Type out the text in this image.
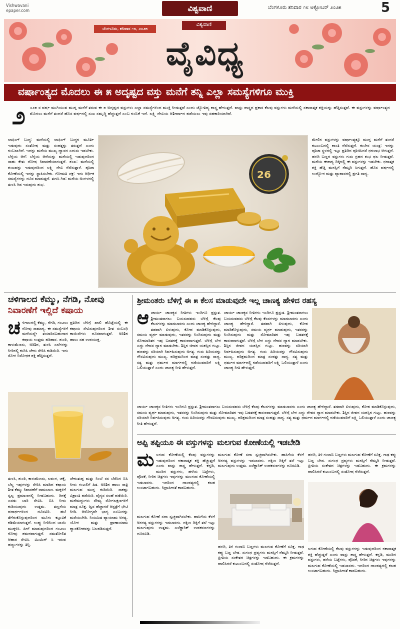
Vishwavani
epaper.com	ವಿಶ್ವವಾಣಿ	ಬೆಂಗಳೂರು ಶನಿವಾರ ೧೮ ಅಕ್ಟೋಬರ್ ೨೦೨೫	5
ವಿಶ್ವವಾಣಿ
ಬೆಂಗಳೂರು, ಶನಿವಾರ ೧೮, ೨೦೨೫
ವೈವಿಧ್ಯ
ವರ್ಷಾಂತ್ಯದ ಮೊದಲು ಈ ೫ ಅದೃಷ್ಟದ ವಸ್ತು ಮನೆಗೆ ತನ್ನಿ ಎಲ್ಲಾ ಸಮಸ್ಯೆಗಳಿಗೂ ಮುಕ್ತಿ
೨ ೦೨೫ ರ ವರ್ಷ ಮುಗಿಯುವ ಮುನ್ನ ಮನೆಗೆ ತರುವ ಈ ೫ ಅದೃಷ್ಟದ ವಸ್ತುಗಳು ಎಲ್ಲಾ ಸಮಸ್ಯೆಗಳಿಂದ ಮುಕ್ತಿ ನೀಡುತ್ತವೆ ಎಂದು ಜ್ಯೋತಿಷ್ಯ ಶಾಸ್ತ್ರ ಹೇಳುತ್ತದೆ. ವಾಸ್ತು ಶಾಸ್ತ್ರದ ಪ್ರಕಾರ ಕೆಲವು ವಸ್ತುಗಳು ಮನೆಯಲ್ಲಿ ಸಕಾರಾತ್ಮಕ ಶಕ್ತಿಯನ್ನು ಹೆಚ್ಚಿಸುತ್ತವೆ. ಈ ವಸ್ತುಗಳನ್ನು ವರ್ಷಾಂತ್ಯದ ಮೊದಲು ಮನೆಗೆ ತಂದರೆ ಹೊಸ ವರ್ಷದಲ್ಲಿ ಸುಖ ಸಮೃದ್ಧಿ ಹೆಚ್ಚುತ್ತದೆ ಎಂಬ ನಂಬಿಕೆ ಇದೆ. ಲಕ್ಷ್ಮಿ ದೇವಿಯ ಆಶೀರ್ವಾದ ಪಡೆಯಲು ಇವು ಸಹಕಾರಿಯಾಗಿವೆ.
ಲಾಫಿಂಗ್ ಬುದ್ಧ: ಮನೆಯಲ್ಲಿ ಲಾಫಿಂಗ್ ಬುದ್ಧನ ಮೂರ್ತಿ ಇಡುವುದು ಸಂತೋಷ ಮತ್ತು ಸಂಪತ್ತನ್ನು ತರುತ್ತದೆ ಎಂದು ನಂಬಲಾಗಿದೆ. ಇದನ್ನು ಮನೆಯ ಮುಖ್ಯ ದ್ವಾರದ ಎದುರು ಇಡಬೇಕು. ಬೆಳ್ಳಿಯ ಆನೆ: ಬೆಳ್ಳಿಯ ಆನೆಯನ್ನು ಮನೆಯಲ್ಲಿ ಇಡುವುದರಿಂದ ರಾಹು ಕೇತು ದೋಷ ನಿವಾರಣೆಯಾಗುತ್ತದೆ. ಶಂಖ: ಮನೆಯಲ್ಲಿ ಶಂಖವನ್ನು ಇಡುವುದರಿಂದ ಲಕ್ಷ್ಮಿ ದೇವಿ ನೆಲೆಸುತ್ತಾಳೆ. ಪೂಜಾ ಕೋಣೆಯಲ್ಲಿ ಇದನ್ನು ಸ್ಥಾಪಿಸಬೇಕು. ಗೋಮತಿ ಚಕ್ರ: ಇದು ಆರ್ಥಿಕ ಸಮಸ್ಯೆಗಳನ್ನು ದೂರ ಮಾಡುತ್ತದೆ. ತುಳಸಿ ಗಿಡ: ಮನೆಯ ಅಂಗಳದಲ್ಲಿ ತುಳಸಿ ಗಿಡ ಇರುವುದು ಶುಭ.
26
ಮೇಲಿನ ವಸ್ತುಗಳನ್ನು ವರ್ಷಾಂತ್ಯಕ್ಕೂ ಮುನ್ನ ಮನೆಗೆ ತಂದರೆ ಕುಟುಂಬದಲ್ಲಿ ಶಾಂತಿ ನೆಲೆಸುತ್ತದೆ. ಕುಬೇರ ಯಂತ್ರ: ಇದನ್ನು ಪೂಜಾ ಸ್ಥಳದಲ್ಲಿ ಇಟ್ಟು ಪ್ರತಿದಿನ ಪೂಜಿಸಿದರೆ ಧನಲಾಭ ಆಗುತ್ತದೆ. ಹಳದಿ ಬಣ್ಣದ ವಸ್ತುಗಳು ಗುರು ಗ್ರಹದ ಶುಭ ಫಲ ನೀಡುತ್ತವೆ. ಮನೆಯ ಈಶಾನ್ಯ ದಿಕ್ಕಿನಲ್ಲಿ ಈ ವಸ್ತುಗಳನ್ನು ಇಡಬೇಕು. ಧನಾತ್ಮಕ ಶಕ್ತಿ ಹೆಚ್ಚಿ ಮನಸ್ಸಿಗೆ ನೆಮ್ಮದಿ ಸಿಗುತ್ತದೆ. ಹೊಸ ವರ್ಷದಲ್ಲಿ ಉದ್ಯೋಗ ಮತ್ತು ವ್ಯಾಪಾರದಲ್ಲಿ ಪ್ರಗತಿ ಸಾಧ್ಯ.
ಚಳಿಗಾಲದ ಕೆಮ್ಮು, ನೆಗಡಿ, ನೋವು
ನಿವಾರಣೆಗೆ ಇಲ್ಲಿದೆ ಕಷಾಯ
ಚ ಳಿಗಾಲದಲ್ಲಿ ಕೆಮ್ಮು, ನೆಗಡಿ, ಗಂಟಲು ನೋವು ಸಾಮಾನ್ಯ. ಈ ಸಮಸ್ಯೆಗಳಿಗೆ ಮನೆಯಲ್ಲೇ ತಯಾರಿಸಬಹುದಾದ ಕಷಾಯ ಉತ್ತಮ ಪರಿಹಾರ. ಶುಂಠಿ, ಕಾಳುಮೆಣಸು, ಅರಿಶಿನ, ತುಳಸಿ ಎಲೆಗಳನ್ನು ನೀರಿನಲ್ಲಿ ಕುದಿಸಿ ಜೇನು ಸೇರಿಸಿ ಕುಡಿಯಿರಿ. ಇದು ರೋಗ ನಿರೋಧಕ ಶಕ್ತಿ ಹೆಚ್ಚಿಸುತ್ತದೆ.
ಪ್ರತಿದಿನ ಬೆಳಿಗ್ಗೆ ಖಾಲಿ ಹೊಟ್ಟೆಯಲ್ಲಿ ಈ ಕಷಾಯ ಸೇವಿಸುವುದರಿಂದ ಶೀತ ಸಂಬಂಧಿ ಕಾಯಿಲೆಗಳು ದೂರವಾಗುತ್ತವೆ. ಅರಿಶಿನ ಹಾಲು ಸಹ ಉಪಯುಕ್ತ.
ತುಳಸಿ, ಶುಂಠಿ, ಕಾಳುಮೆಣಸು, ಲವಂಗ, ಚಕ್ಕೆ, ಬೆಲ್ಲ ಇವುಗಳನ್ನು ಸೇರಿಸಿ ಮಾಡಿದ ಕಷಾಯ ಶೀತ ಕೆಮ್ಮು ನಿವಾರಣೆಗೆ ರಾಮಬಾಣ. ಮಕ್ಕಳಿಗೆ ಸ್ವಲ್ಪ ಪ್ರಮಾಣದಲ್ಲಿ ನೀಡಬಹುದು. ದಿನಕ್ಕೆ ಎರಡು ಬಾರಿ ಸೇವಿಸಿ. ಬಿಸಿ ನೀರು ಕುಡಿಯುವುದು ಉತ್ತಮ. ತಣ್ಣನೆಯ ಪದಾರ್ಥಗಳಿಂದ ದೂರವಿರಿ. ಹಬೆ ತೆಗೆದುಕೊಳ್ಳುವುದರಿಂದ ಮೂಗು ಕಟ್ಟುವಿಕೆ ಕಡಿಮೆಯಾಗುತ್ತದೆ. ಉಪ್ಪು ನೀರಿನಿಂದ ಬಾಯಿ ಮುಕ್ಕಳಿಸಿ. ಹೀಗೆ ಮಾಡುವುದರಿಂದ ಗಂಟಲು ನೋವು ಶಮನವಾಗುತ್ತದೆ. ಸಮತೋಲಿತ ಆಹಾರ ಸೇವಿಸಿ. ವಿಟಮಿನ್ ಸಿ ಇರುವ ಹಣ್ಣುಗಳನ್ನು ತಿನ್ನಿ.
ಜೇನುತುಪ್ಪ ಮತ್ತು ನಿಂಬೆ ರಸ ಬೆರೆಸಿದ ಬಿಸಿ ನೀರು ಗಂಟಲಿಗೆ ಹಿತ. ಅರಿಶಿನ ಹಾಲು ರಾತ್ರಿ ಮಲಗುವ ಮುನ್ನ ಕುಡಿಯಿರಿ. ಸಾಕಷ್ಟು ವಿಶ್ರಾಂತಿ ಪಡೆಯಿರಿ. ವೈದ್ಯರ ಸಲಹೆ ಪಡೆಯಿರಿ. ಮನೆಮದ್ದುಗಳು ಸೌಮ್ಯ ರೋಗಲಕ್ಷಣಗಳಿಗೆ ಮಾತ್ರ ಸೂಕ್ತ. ಜ್ವರ ಹೆಚ್ಚಾದರೆ ಆಸ್ಪತ್ರೆಗೆ ಭೇಟಿ ನೀಡಿ. ಆರೋಗ್ಯವೇ ಭಾಗ್ಯ ಎಂಬುದನ್ನು ಮರೆಯಬೇಡಿ. ನಿಯಮಿತ ವ್ಯಾಯಾಮ ಅಗತ್ಯ. ಯೋಗ ಮತ್ತು ಪ್ರಾಣಾಯಾಮ ಶ್ವಾಸಕೋಶವನ್ನು ಬಲಪಡಿಸುತ್ತದೆ.
ಶ್ರೀಮಂತರು ಬೆಳಿಗ್ಗೆ ಈ ೫ ಕೆಲಸ ಮಾಡುವುದೇ ಇಲ್ಲ ಚಾಣಕ್ಯ ಹೇಳಿದ ರಹಸ್ಯ
ಆ ಚಾರ್ಯ ಚಾಣಕ್ಯರ ನೀತಿಗಳು ಇಂದಿಗೂ ಪ್ರಸ್ತುತ. ಶ್ರೀಮಂತರಾಗಲು ಬಯಸುವವರು ಬೆಳಿಗ್ಗೆ ಕೆಲವು ಕೆಲಸಗಳನ್ನು ಮಾಡಬಾರದು ಎಂದು ಚಾಣಕ್ಯ ಹೇಳಿದ್ದಾರೆ. ತಡವಾಗಿ ಏಳುವುದು, ಕೋಪ ಮಾಡಿಕೊಳ್ಳುವುದು, ಸಮಯ ವ್ಯರ್ಥ ಮಾಡುವುದು, ಇತರರನ್ನು ನಿಂದಿಸುವುದು ಮತ್ತು ಸೋಮಾರಿತನ ಇವು ಬಡತನಕ್ಕೆ ಕಾರಣವಾಗುತ್ತವೆ. ಬೆಳಿಗ್ಗೆ ಬೇಗ ಎದ್ದು ದೇವರ ಧ್ಯಾನ ಮಾಡಬೇಕು. ಶಿಸ್ತಿನ ಜೀವನ ಯಶಸ್ಸಿನ ಗುಟ್ಟು. ಹಣವನ್ನು ಸರಿಯಾಗಿ ನಿರ್ವಹಿಸುವುದು ಅಗತ್ಯ. ಗುರು ಹಿರಿಯರನ್ನು ಗೌರವಿಸುವುದು ಮುಖ್ಯ. ಪರಿಶ್ರಮದಿಂದ ಮಾತ್ರ ಸಂಪತ್ತು ಸಾಧ್ಯ. ಸತ್ಯ ಮತ್ತು ಧರ್ಮದ ಮಾರ್ಗದಲ್ಲಿ ನಡೆಯುವವರಿಗೆ ಲಕ್ಷ್ಮಿ ಒಲಿಯುತ್ತಾಳೆ ಎಂದು ಚಾಣಕ್ಯ ನೀತಿ ಹೇಳುತ್ತದೆ.
ಚಾರ್ಯ ಚಾಣಕ್ಯರ ನೀತಿಗಳು ಇಂದಿಗೂ ಪ್ರಸ್ತುತ. ಶ್ರೀಮಂತರಾಗಲು ಬಯಸುವವರು ಬೆಳಿಗ್ಗೆ ಕೆಲವು ಕೆಲಸಗಳನ್ನು ಮಾಡಬಾರದು ಎಂದು ಚಾಣಕ್ಯ ಹೇಳಿದ್ದಾರೆ. ತಡವಾಗಿ ಏಳುವುದು, ಕೋಪ ಮಾಡಿಕೊಳ್ಳುವುದು, ಸಮಯ ವ್ಯರ್ಥ ಮಾಡುವುದು, ಇತರರನ್ನು ನಿಂದಿಸುವುದು ಮತ್ತು ಸೋಮಾರಿತನ ಇವು ಬಡತನಕ್ಕೆ ಕಾರಣವಾಗುತ್ತವೆ. ಬೆಳಿಗ್ಗೆ ಬೇಗ ಎದ್ದು ದೇವರ ಧ್ಯಾನ ಮಾಡಬೇಕು. ಶಿಸ್ತಿನ ಜೀವನ ಯಶಸ್ಸಿನ ಗುಟ್ಟು. ಹಣವನ್ನು ಸರಿಯಾಗಿ ನಿರ್ವಹಿಸುವುದು ಅಗತ್ಯ. ಗುರು ಹಿರಿಯರನ್ನು ಗೌರವಿಸುವುದು ಮುಖ್ಯ. ಪರಿಶ್ರಮದಿಂದ ಮಾತ್ರ ಸಂಪತ್ತು ಸಾಧ್ಯ. ಸತ್ಯ ಮತ್ತು ಧರ್ಮದ ಮಾರ್ಗದಲ್ಲಿ ನಡೆಯುವವರಿಗೆ ಲಕ್ಷ್ಮಿ ಒಲಿಯುತ್ತಾಳೆ ಎಂದು ಚಾಣಕ್ಯ ನೀತಿ ಹೇಳುತ್ತದೆ.
ಚಾರ್ಯ ಚಾಣಕ್ಯರ ನೀತಿಗಳು ಇಂದಿಗೂ ಪ್ರಸ್ತುತ. ಶ್ರೀಮಂತರಾಗಲು ಬಯಸುವವರು ಬೆಳಿಗ್ಗೆ ಕೆಲವು ಕೆಲಸಗಳನ್ನು ಮಾಡಬಾರದು ಎಂದು ಚಾಣಕ್ಯ ಹೇಳಿದ್ದಾರೆ. ತಡವಾಗಿ ಏಳುವುದು, ಕೋಪ ಮಾಡಿಕೊಳ್ಳುವುದು, ಸಮಯ ವ್ಯರ್ಥ ಮಾಡುವುದು, ಇತರರನ್ನು ನಿಂದಿಸುವುದು ಮತ್ತು ಸೋಮಾರಿತನ ಇವು ಬಡತನಕ್ಕೆ ಕಾರಣವಾಗುತ್ತವೆ. ಬೆಳಿಗ್ಗೆ ಬೇಗ ಎದ್ದು ದೇವರ ಧ್ಯಾನ ಮಾಡಬೇಕು. ಶಿಸ್ತಿನ ಜೀವನ ಯಶಸ್ಸಿನ ಗುಟ್ಟು. ಹಣವನ್ನು ಸರಿಯಾಗಿ ನಿರ್ವಹಿಸುವುದು ಅಗತ್ಯ. ಗುರು ಹಿರಿಯರನ್ನು ಗೌರವಿಸುವುದು ಮುಖ್ಯ. ಪರಿಶ್ರಮದಿಂದ ಮಾತ್ರ ಸಂಪತ್ತು ಸಾಧ್ಯ. ಸತ್ಯ ಮತ್ತು ಧರ್ಮದ ಮಾರ್ಗದಲ್ಲಿ ನಡೆಯುವವರಿಗೆ ಲಕ್ಷ್ಮಿ ಒಲಿಯುತ್ತಾಳೆ ಎಂದು ಚಾಣಕ್ಯ ನೀತಿ ಹೇಳುತ್ತದೆ.
ಅಪ್ಪಿ ತಪ್ಪಿಯೂ ಈ ವಸ್ತುಗಳನ್ನು ಮಲಗುವ ಕೋಣೆಯಲ್ಲಿ ಇಡಬೇಡಿ
ಮ ಲಗುವ ಕೋಣೆಯಲ್ಲಿ ಕೆಲವು ವಸ್ತುಗಳನ್ನು ಇಡುವುದರಿಂದ ನಕಾರಾತ್ಮಕ ಶಕ್ತಿ ಹೆಚ್ಚುತ್ತದೆ ಎಂದು ವಾಸ್ತು ಶಾಸ್ತ್ರ ಹೇಳುತ್ತದೆ. ಕನ್ನಡಿ, ಮುರಿದ ವಸ್ತುಗಳು, ಹಳೆಯ ಬಟ್ಟೆಗಳು, ಪೊರಕೆ, ನೀರಿನ ಚಿತ್ರಗಳು ಇವುಗಳನ್ನು ಮಲಗುವ ಕೋಣೆಯಲ್ಲಿ ಇಡಬಾರದು. ಇದರಿಂದ ದಾಂಪತ್ಯದಲ್ಲಿ ಕಲಹ ಉಂಟಾಗಬಹುದು. ನಿದ್ರಾಹೀನತೆ ಕಾಡಬಹುದು.
ಮಲಗುವ ಕೋಣೆ ಸದಾ ಸ್ವಚ್ಛವಾಗಿರಬೇಕು. ಹಾಸಿಗೆಯ ಕೆಳಗೆ ಅನಗತ್ಯ ವಸ್ತುಗಳನ್ನು ಇಡಬಾರದು. ದಕ್ಷಿಣ ದಿಕ್ಕಿಗೆ ತಲೆ ಇಟ್ಟು ಮಲಗುವುದು ಉತ್ತಮ. ಎಲೆಕ್ಟ್ರಾನಿಕ್ ಉಪಕರಣಗಳನ್ನು ದೂರವಿಡಿ.
ಹಳದಿ, ತಿಳಿ ಗುಲಾಬಿ ಬಣ್ಣಗಳು ಮಲಗುವ ಕೋಣೆಗೆ ಸೂಕ್ತ. ಗಾಢ ಕಪ್ಪು ಬಣ್ಣ ಬೇಡ. ಸುಗಂಧ ದ್ರವ್ಯಗಳು ಮನಸ್ಸಿಗೆ ನೆಮ್ಮದಿ ನೀಡುತ್ತವೆ. ಪ್ರೀತಿಯ ಸಂಕೇತದ ಚಿತ್ರಗಳನ್ನು ಇಡಬಹುದು. ಈ ಕ್ರಮಗಳನ್ನು ಪಾಲಿಸಿದರೆ ಕುಟುಂಬದಲ್ಲಿ ಸಂತೋಷ ನೆಲೆಸುತ್ತದೆ.
ಮಲಗುವ ಕೋಣೆ ಸದಾ ಸ್ವಚ್ಛವಾಗಿರಬೇಕು. ಹಾಸಿಗೆಯ ಕೆಳಗೆ ಅನಗತ್ಯ ವಸ್ತುಗಳನ್ನು ಇಡಬಾರದು. ದಕ್ಷಿಣ ದಿಕ್ಕಿಗೆ ತಲೆ ಇಟ್ಟು ಮಲಗುವುದು ಉತ್ತಮ. ಎಲೆಕ್ಟ್ರಾನಿಕ್ ಉಪಕರಣಗಳನ್ನು ದೂರವಿಡಿ.
ಹಳದಿ, ತಿಳಿ ಗುಲಾಬಿ ಬಣ್ಣಗಳು ಮಲಗುವ ಕೋಣೆಗೆ ಸೂಕ್ತ. ಗಾಢ ಕಪ್ಪು ಬಣ್ಣ ಬೇಡ. ಸುಗಂಧ ದ್ರವ್ಯಗಳು ಮನಸ್ಸಿಗೆ ನೆಮ್ಮದಿ ನೀಡುತ್ತವೆ. ಪ್ರೀತಿಯ ಸಂಕೇತದ ಚಿತ್ರಗಳನ್ನು ಇಡಬಹುದು. ಈ ಕ್ರಮಗಳನ್ನು ಪಾಲಿಸಿದರೆ ಕುಟುಂಬದಲ್ಲಿ ಸಂತೋಷ ನೆಲೆಸುತ್ತದೆ.
ಲಗುವ ಕೋಣೆಯಲ್ಲಿ ಕೆಲವು ವಸ್ತುಗಳನ್ನು ಇಡುವುದರಿಂದ ನಕಾರಾತ್ಮಕ ಶಕ್ತಿ ಹೆಚ್ಚುತ್ತದೆ ಎಂದು ವಾಸ್ತು ಶಾಸ್ತ್ರ ಹೇಳುತ್ತದೆ. ಕನ್ನಡಿ, ಮುರಿದ ವಸ್ತುಗಳು, ಹಳೆಯ ಬಟ್ಟೆಗಳು, ಪೊರಕೆ, ನೀರಿನ ಚಿತ್ರಗಳು ಇವುಗಳನ್ನು ಮಲಗುವ ಕೋಣೆಯಲ್ಲಿ ಇಡಬಾರದು. ಇದರಿಂದ ದಾಂಪತ್ಯದಲ್ಲಿ ಕಲಹ ಉಂಟಾಗಬಹುದು. ನಿದ್ರಾಹೀನತೆ ಕಾಡಬಹುದು.
